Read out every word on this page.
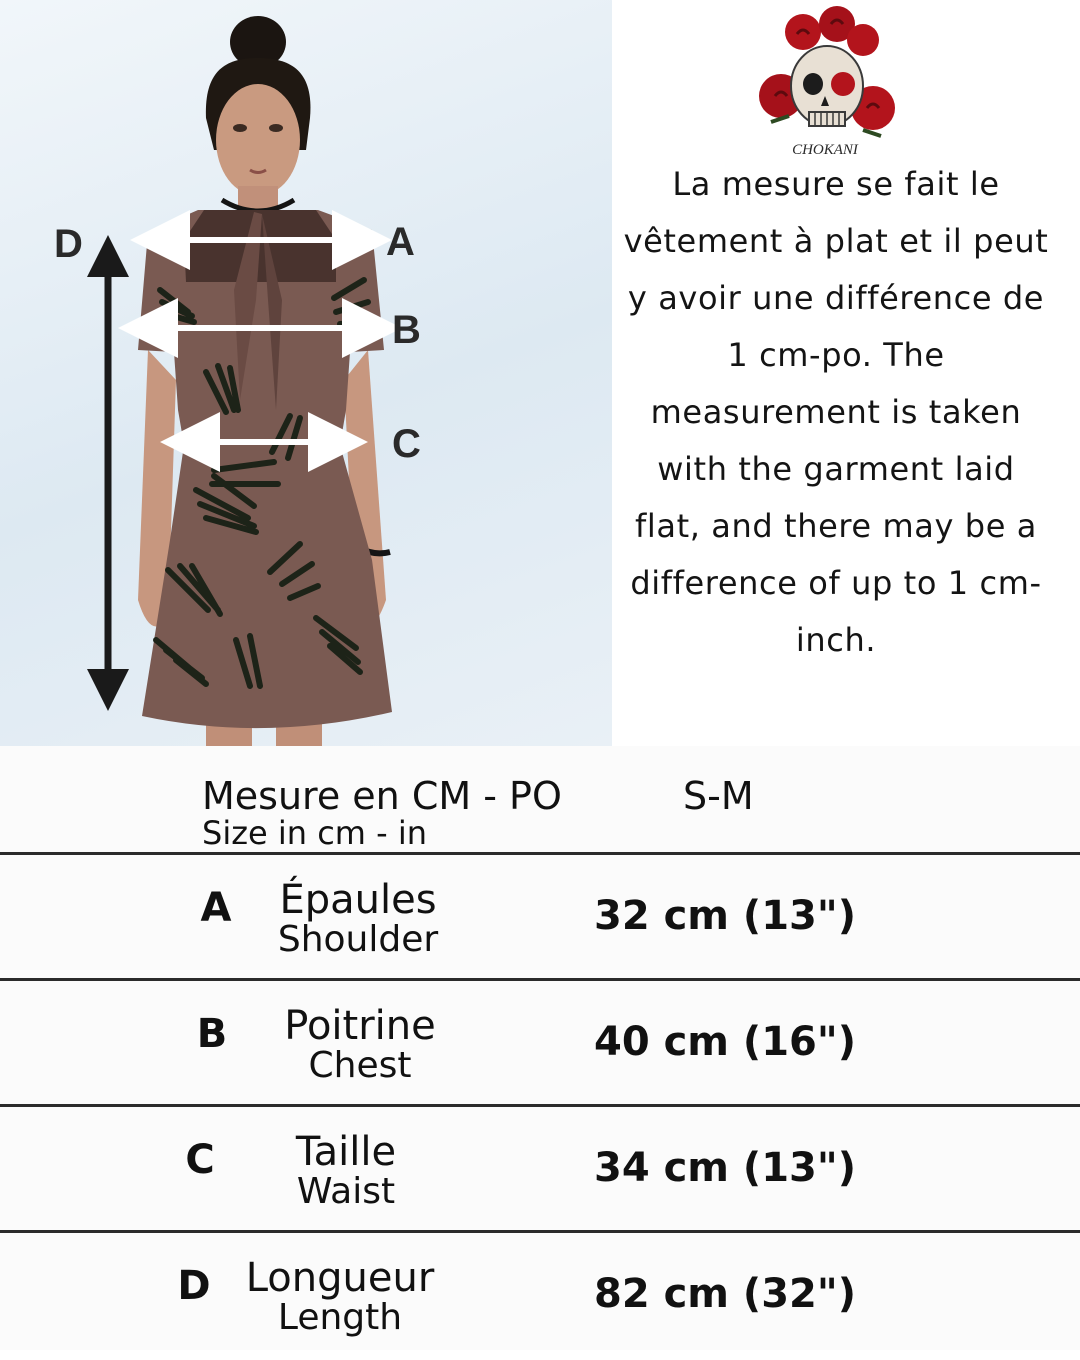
D	A
B
C
CHOKANI

La mesure se fait le vêtement à plat et il peut y avoir une différence de 1 cm-po. The measurement is taken with the garment laid flat, and there may be a difference of up to 1 cm-inch.

Mesure en CM - PO
Size in cm - in
S-M
A	Épaules
Shoulder
32 cm (13")
B	Poitrine
Chest
40 cm (16")
C	Taille
Waist
34 cm (13")
D Longueur
Length
82 cm (32")
